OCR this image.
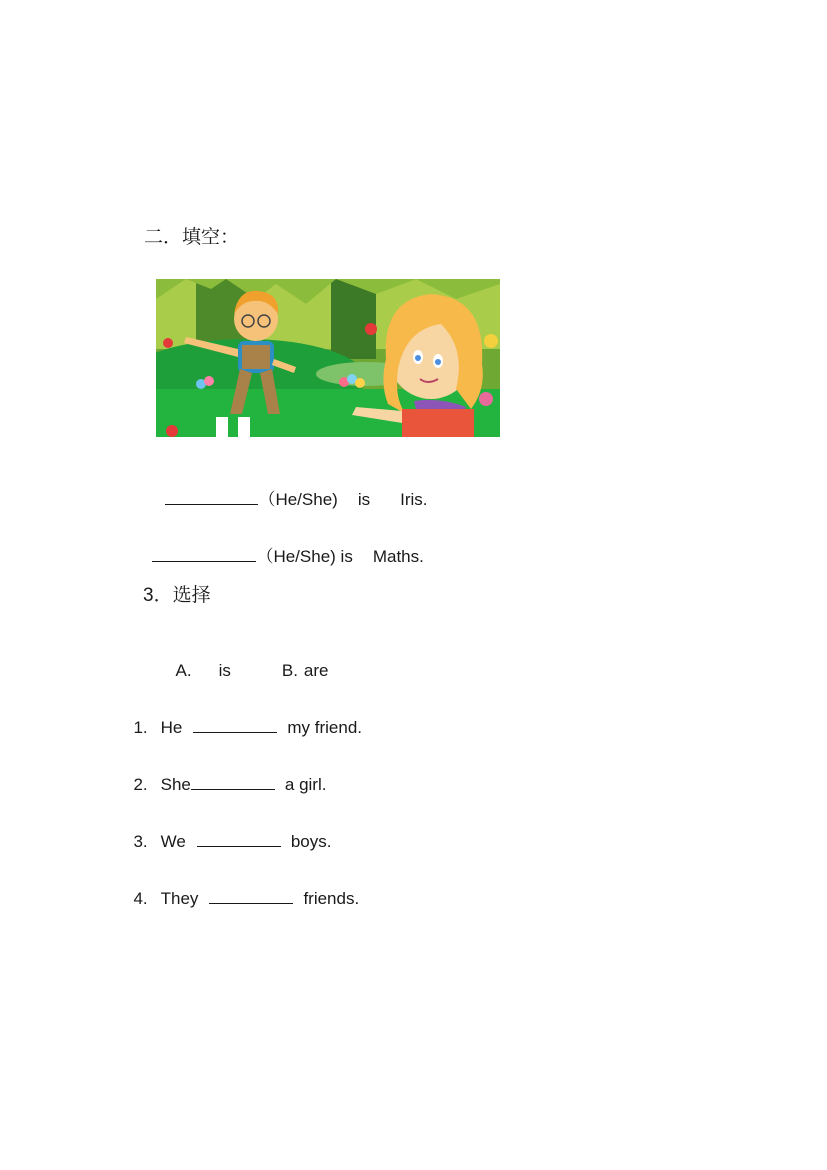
二．填空：

（He/She) is Iris.

（He/She) is Maths.

3．选择

A. is	B. are

1. He	my friend.

2. She	a girl.

3. We	boys.

4. They	friends.
